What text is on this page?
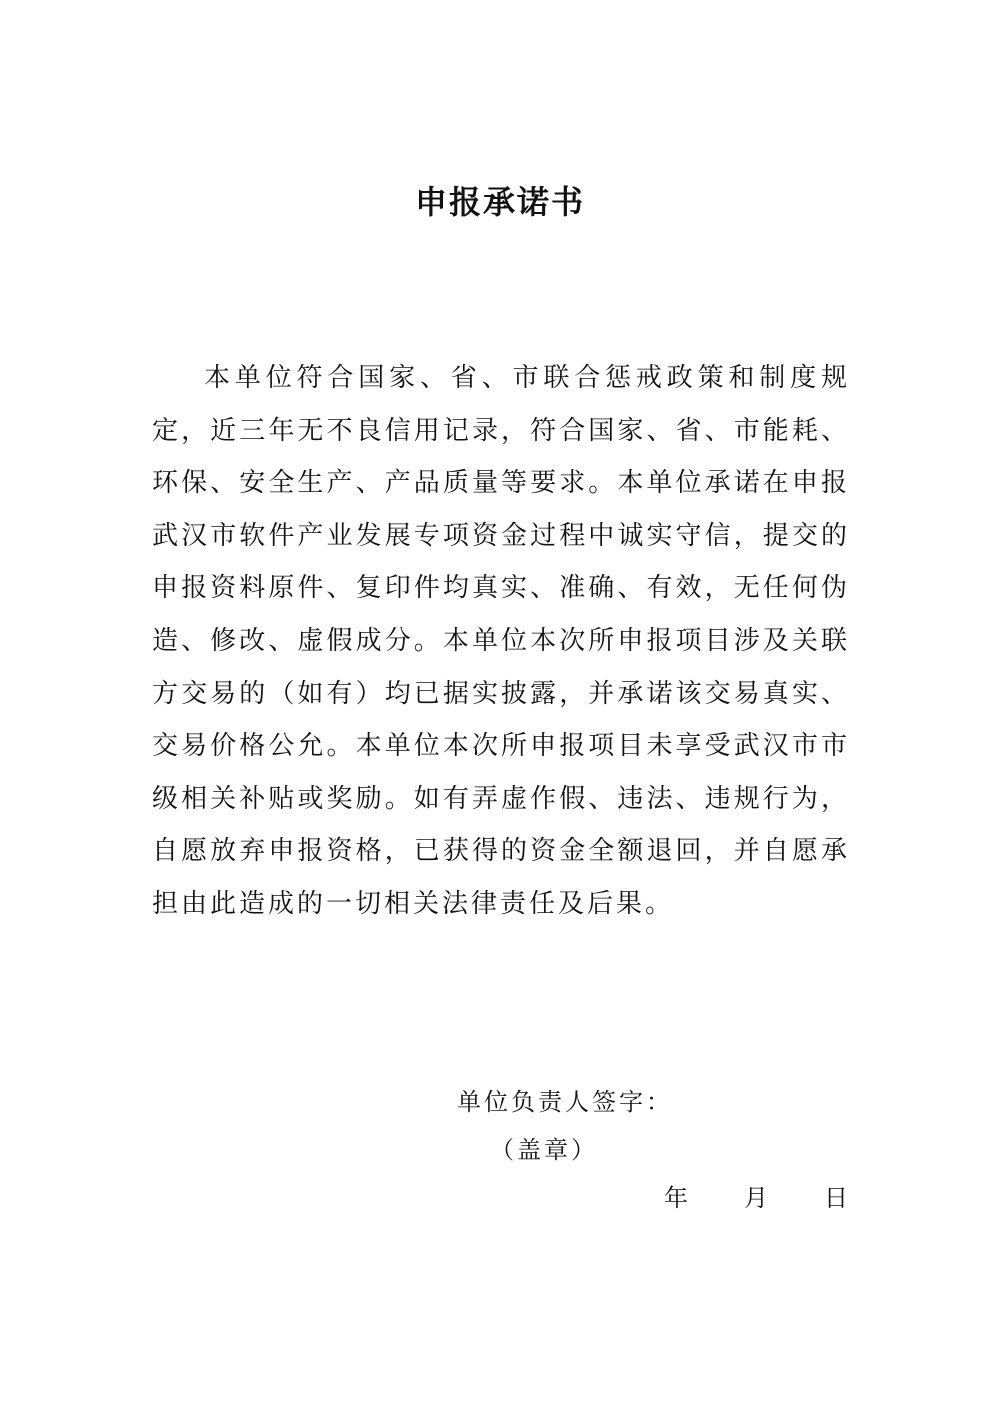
申报承诺书

本单位符合国家、省、市联合惩戒政策和制度规定，近三年无不良信用记录，符合国家、省、市能耗、环保、安全生产、产品质量等要求。本单位承诺在申报武汉市软件产业发展专项资金过程中诚实守信，提交的申报资料原件、复印件均真实、准确、有效，无任何伪造、修改、虚假成分。本单位本次所申报项目涉及关联方交易的（如有）均已据实披露，并承诺该交易真实、交易价格公允。本单位本次所申报项目未享受武汉市市级相关补贴或奖励。如有弄虚作假、违法、违规行为，自愿放弃申报资格，已获得的资金全额退回，并自愿承担由此造成的一切相关法律责任及后果。

单位负责人签字：
（盖章）
年 月 日
